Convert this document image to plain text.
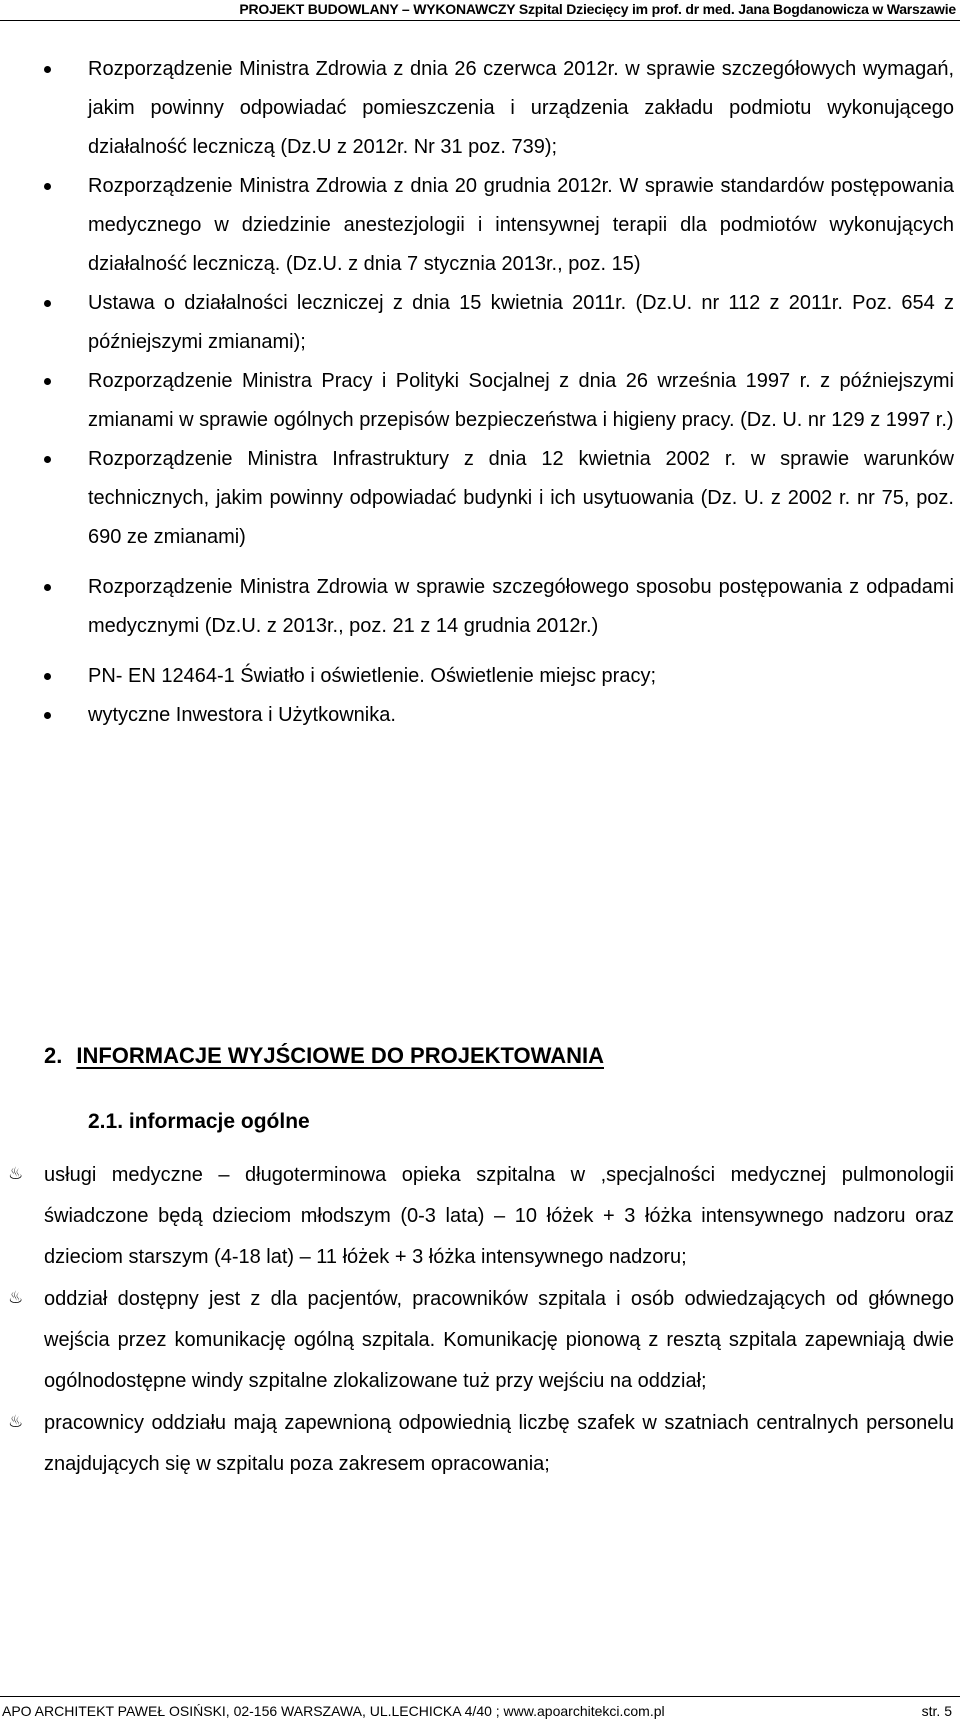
PROJEKT BUDOWLANY – WYKONAWCZY Szpital Dziecięcy im prof. dr med. Jana Bogdanowicza w Warszawie
Rozporządzenie Ministra Zdrowia z dnia 26 czerwca 2012r. w sprawie szczegółowych wymagań, jakim powinny odpowiadać pomieszczenia i urządzenia zakładu podmiotu wykonującego działalność leczniczą (Dz.U z 2012r. Nr 31 poz. 739);
Rozporządzenie Ministra Zdrowia z dnia 20 grudnia 2012r. W sprawie standardów postępowania medycznego w dziedzinie anestezjologii i intensywnej terapii dla podmiotów wykonujących działalność leczniczą. (Dz.U. z dnia 7 stycznia 2013r., poz. 15)
Ustawa o działalności leczniczej z dnia 15 kwietnia 2011r. (Dz.U. nr 112 z 2011r. Poz. 654 z późniejszymi zmianami);
Rozporządzenie Ministra Pracy i Polityki Socjalnej z dnia 26 września 1997 r. z późniejszymi zmianami w sprawie ogólnych przepisów bezpieczeństwa i higieny pracy. (Dz. U. nr 129 z 1997 r.)
Rozporządzenie Ministra Infrastruktury z dnia 12 kwietnia 2002 r. w sprawie warunków technicznych, jakim powinny odpowiadać budynki i ich usytuowania (Dz. U. z 2002 r. nr 75, poz. 690 ze zmianami)
Rozporządzenie Ministra Zdrowia w sprawie szczegółowego sposobu postępowania z odpadami medycznymi (Dz.U. z 2013r., poz. 21 z 14 grudnia 2012r.)
PN- EN 12464-1 Światło i oświetlenie. Oświetlenie miejsc pracy;
wytyczne Inwestora i Użytkownika.
2. INFORMACJE WYJŚCIOWE DO PROJEKTOWANIA
2.1. informacje ogólne
♨ usługi medyczne – długoterminowa opieka szpitalna w ,specjalności medycznej pulmonologii świadczone będą dzieciom młodszym (0-3 lata) – 10 łóżek + 3 łóżka intensywnego nadzoru oraz dzieciom starszym (4-18 lat) – 11 łóżek + 3 łóżka intensywnego nadzoru;
♨ oddział dostępny jest z dla pacjentów, pracowników szpitala i osób odwiedzających od głównego wejścia przez komunikację ogólną szpitala. Komunikację pionową z resztą szpitala zapewniają dwie ogólnodostępne windy szpitalne zlokalizowane tuż przy wejściu na oddział;
♨ pracownicy oddziału mają zapewnioną odpowiednią liczbę szafek w szatniach centralnych personelu znajdujących się w szpitalu poza zakresem opracowania;
APO ARCHITEKT PAWEŁ OSIŃSKI, 02-156 WARSZAWA, UL.LECHICKA 4/40 ; www.apoarchitekci.com.pl	str. 5
